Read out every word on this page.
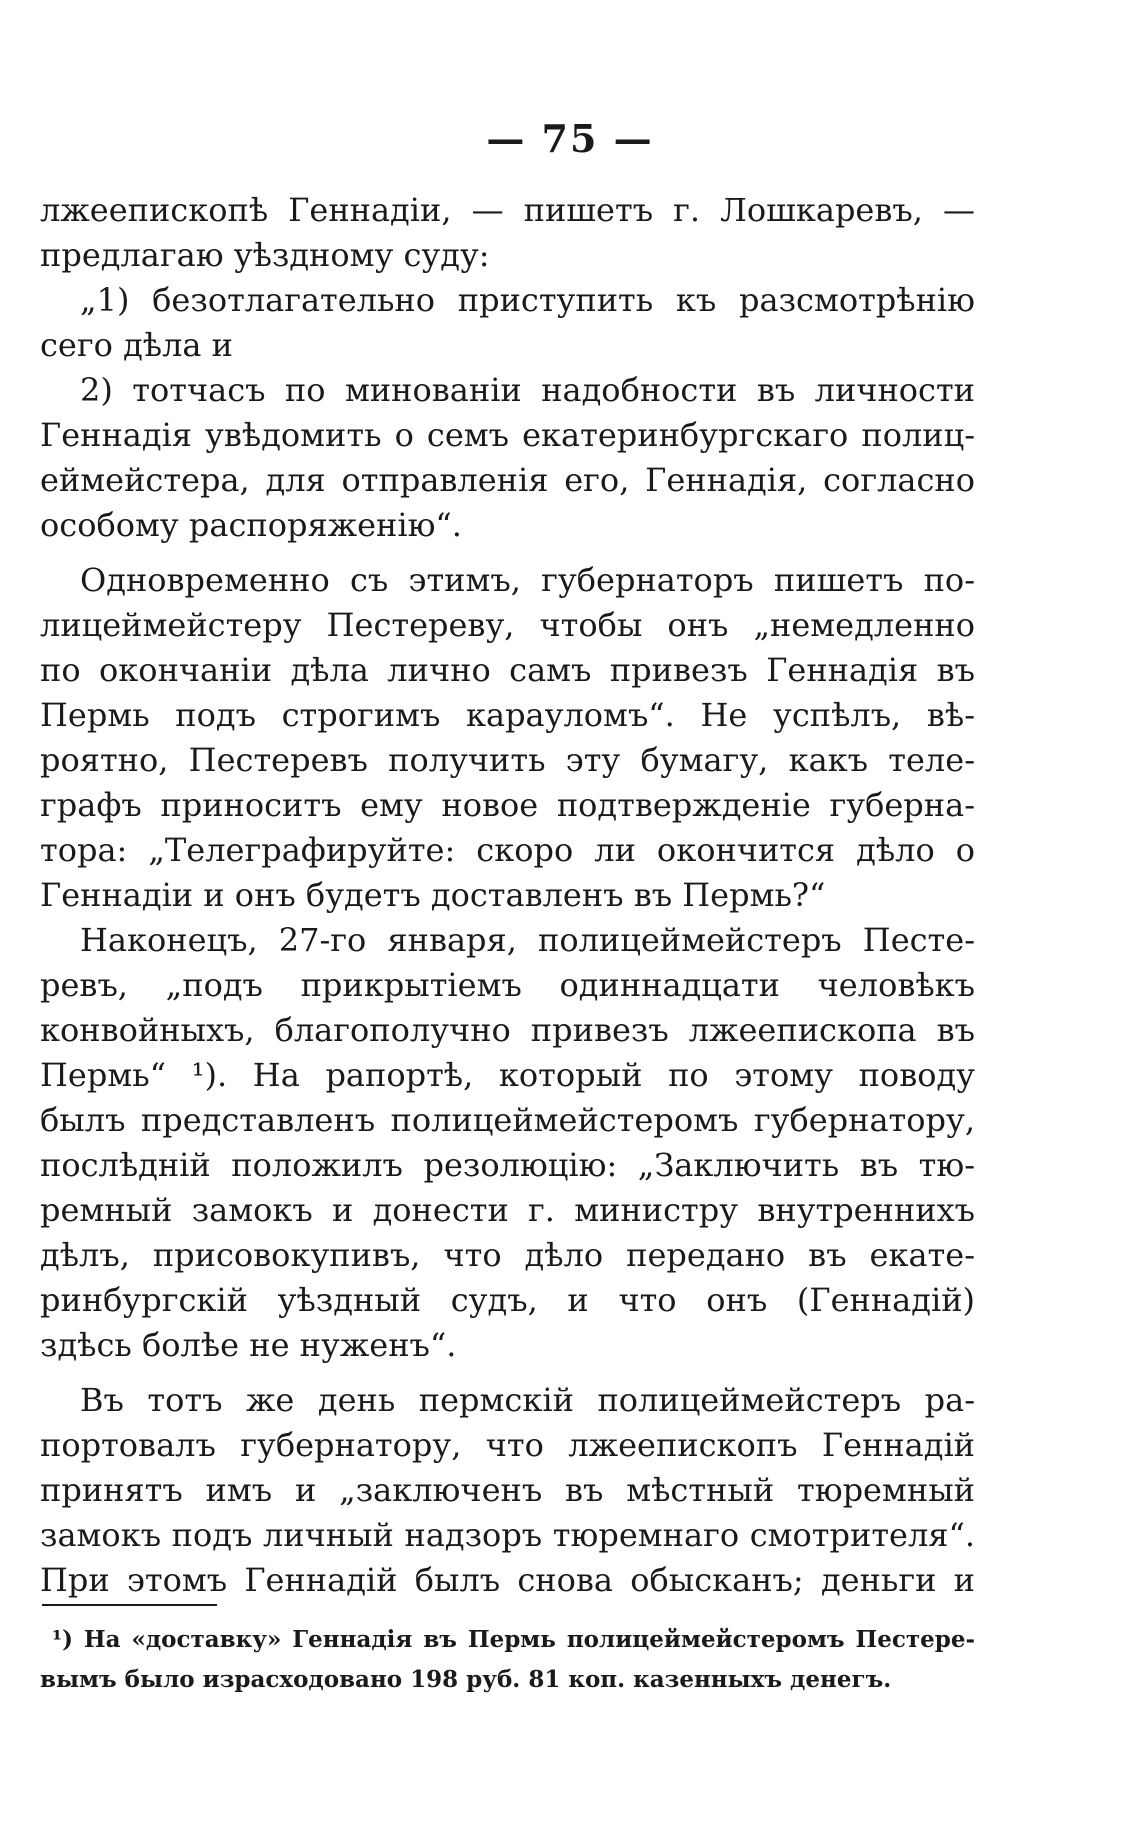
— 75 —
лжеепископѣ Геннадіи, — пишетъ г. Лошкаревъ, —
предлагаю уѣздному суду:
„1) безотлагательно приступить къ разсмотрѣнію
сего дѣла и
2) тотчасъ по минованіи надобности въ личности
Геннадія увѣдомить о семъ екатеринбургскаго полиц-
еймейстера, для отправленія его, Геннадія, согласно
особому распоряженію“.
Одновременно съ этимъ, губернаторъ пишетъ по-
лицеймейстеру Пестереву, чтобы онъ „немедленно
по окончаніи дѣла лично самъ привезъ Геннадія въ
Пермь подъ строгимъ карауломъ“. Не успѣлъ, вѣ-
роятно, Пестеревъ получить эту бумагу, какъ теле-
графъ приноситъ ему новое подтвержденіе губерна-
тора: „Телеграфируйте: скоро ли окончится дѣло о
Геннадіи и онъ будетъ доставленъ въ Пермь?“
Наконецъ, 27-го января, полицеймейстеръ Песте-
ревъ, „подъ прикрытіемъ одиннадцати человѣкъ
конвойныхъ, благополучно привезъ лжеепископа въ
Пермь“ ¹). На рапортѣ, который по этому поводу
былъ представленъ полицеймейстеромъ губернатору,
послѣдній положилъ резолюцію: „Заключить въ тю-
ремный замокъ и донести г. министру внутреннихъ
дѣлъ, присовокупивъ, что дѣло передано въ екате-
ринбургскій уѣздный судъ, и что онъ (Геннадій)
здѣсь болѣе не нуженъ“.
Въ тотъ же день пермскій полицеймейстеръ ра-
портовалъ губернатору, что лжеепископъ Геннадій
принятъ имъ и „заключенъ въ мѣстный тюремный
замокъ подъ личный надзоръ тюремнаго смотрителя“.
При этомъ Геннадій былъ снова обысканъ; деньги и
¹) На «доставку» Геннадія въ Пермь полицеймейстеромъ Пестере-
вымъ было израсходовано 198 руб. 81 коп. казенныхъ денегъ.
